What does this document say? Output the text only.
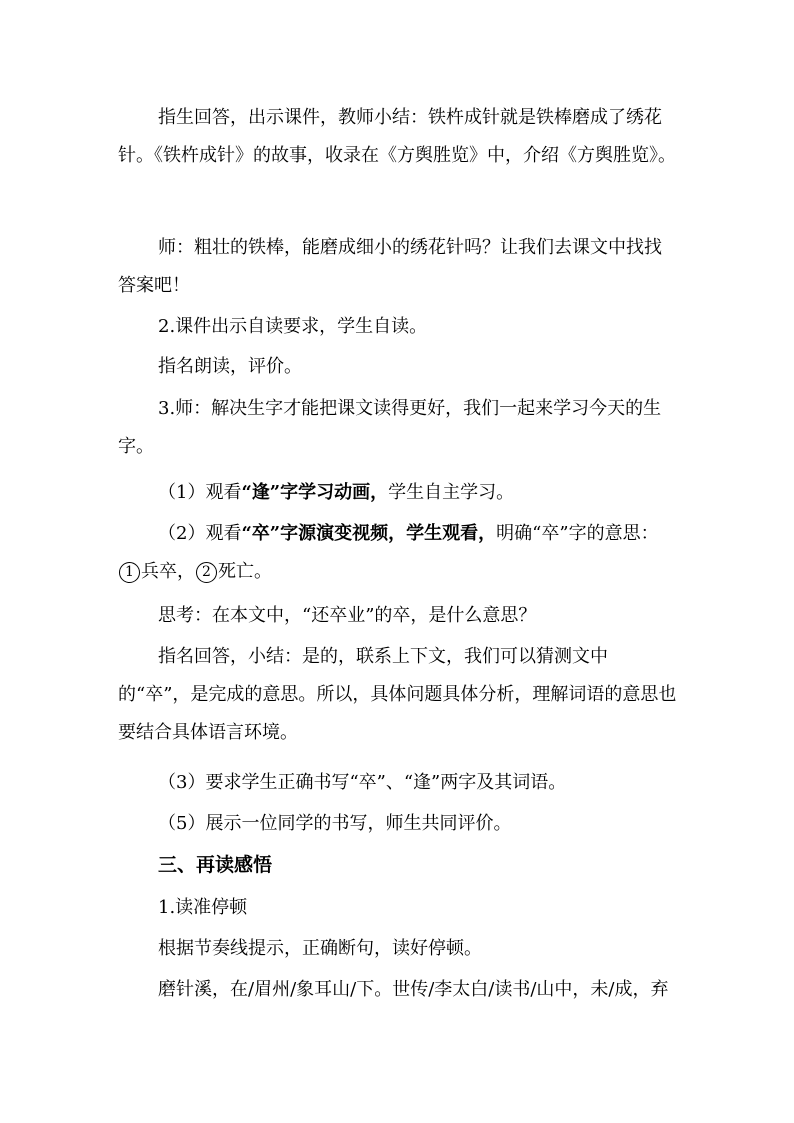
指生回答，出示课件，教师小结：铁杵成针就是铁棒磨成了绣花针。《铁杵成针》的故事，收录在《方舆胜览》中，介绍《方舆胜览》。

师：粗壮的铁棒，能磨成细小的绣花针吗？让我们去课文中找找答案吧！

2.课件出示自读要求，学生自读。

指名朗读，评价。

3.师：解决生字才能把课文读得更好，我们一起来学习今天的生字。

（1）观看“逢”字学习动画，学生自主学习。

（2）观看“卒”字源演变视频，学生观看，明确“卒”字的意思：1 兵卒， 2 死亡。

思考：在本文中，“还卒业”的卒，是什么意思？

指名回答，小结：是的，联系上下文，我们可以猜测文中的“卒”，是完成的意思。所以，具体问题具体分析，理解词语的意思也要结合具体语言环境。

（3）要求学生正确书写“卒”、“逢”两字及其词语。

（5）展示一位同学的书写，师生共同评价。

三、再读感悟

1.读准停顿

根据节奏线提示，正确断句，读好停顿。

磨针溪，在/眉州/象耳山/下。世传/李太白/读书/山中，未/成，弃
